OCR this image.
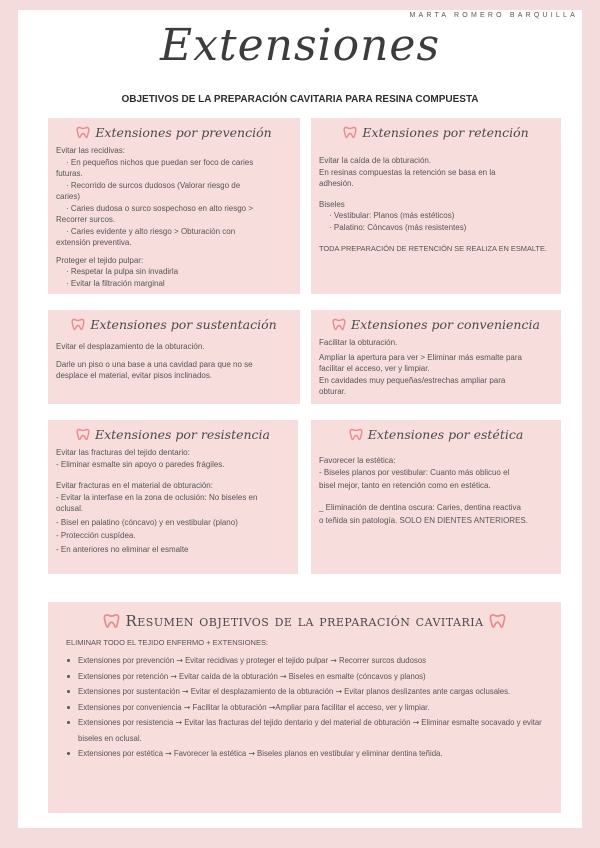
MARTA ROMERO BARQUILLA
Extensiones
OBJETIVOS DE LA PREPARACIÓN CAVITARIA PARA RESINA COMPUESTA
Extensiones por prevención
Evitar las recidivas:
· En pequeños nichos que puedan ser foco de caries
futuras.
· Recorrido de surcos dudosos (Valorar riesgo de
caries)
· Caries dudosa o surco sospechoso en alto riesgo >
Recorrer surcos.
· Caries evidente y alto riesgo > Obturación con
extensión preventiva.
Proteger el tejido pulpar:
· Respetar la pulpa sin invadirla
· Evitar la filtración marginal
Extensiones por retención
Evitar la caída de la obturación.
En resinas compuestas la retención se basa en la
adhesión.
Biseles
· Vestibular: Planos (más estéticos)
· Palatino: Cóncavos (más resistentes)
TODA PREPARACIÓN DE RETENCIÓN SE REALIZA EN ESMALTE.
Extensiones por sustentación
Evitar el desplazamiento de la obturación.
Darle un piso o una base a una cavidad para que no se
desplace el material, evitar pisos inclinados.
Extensiones por conveniencia
Facilitar la obturación.
Ampliar la apertura para ver > Eliminar más esmalte para
facilitar el acceso, ver y limpiar.
En cavidades muy pequeñas/estrechas ampliar para
obturar.
Extensiones por resistencia
Evitar las fracturas del tejido dentario:
- Eliminar esmalte sin apoyo o paredes frágiles.
Evitar fracturas en el material de obturación:
- Evitar la interfase en la zona de oclusión: No biseles en
oclusal.
- Bisel en palatino (cóncavo) y en vestibular (plano)
- Protección cuspídea.
- En anteriores no eliminar el esmalte
Extensiones por estética
Favorecer la estética:
- Biseles planos por vestibular: Cuanto más oblicuo el
bisel mejor, tanto en retención como en estética.
_ Eliminación de dentina oscura: Caries, dentina reactiva
o teñida sin patología. SOLO EN DIENTES ANTERIORES.
Resumen objetivos de la preparación cavitaria
ELIMINAR TODO EL TEJIDO ENFERMO + EXTENSIONES:
Extensiones por prevención ➞ Evitar recidivas y proteger el tejido pulpar ➞ Recorrer surcos dudosos
Extensiones por retención ➞ Evitar caída de la obturación ➞ Biseles en esmalte (cóncavos y planos)
Extensiones por sustentación ➞ Evitar el desplazamiento de la obturación ➞ Evitar planos deslizantes ante cargas oclusales.
Extensiones por conveniencia ➞ Facilitar la obturación ➞Ampliar para facilitar el acceso, ver y limpiar.
Extensiones por resistencia ➞ Evitar las fracturas del tejido dentario y del material de obturación ➞ Eliminar esmalte socavado y evitar biseles en oclusal.
Extensiones por estética ➞ Favorecer la estética ➞ Biseles planos en vestibular y eliminar dentina teñida.
